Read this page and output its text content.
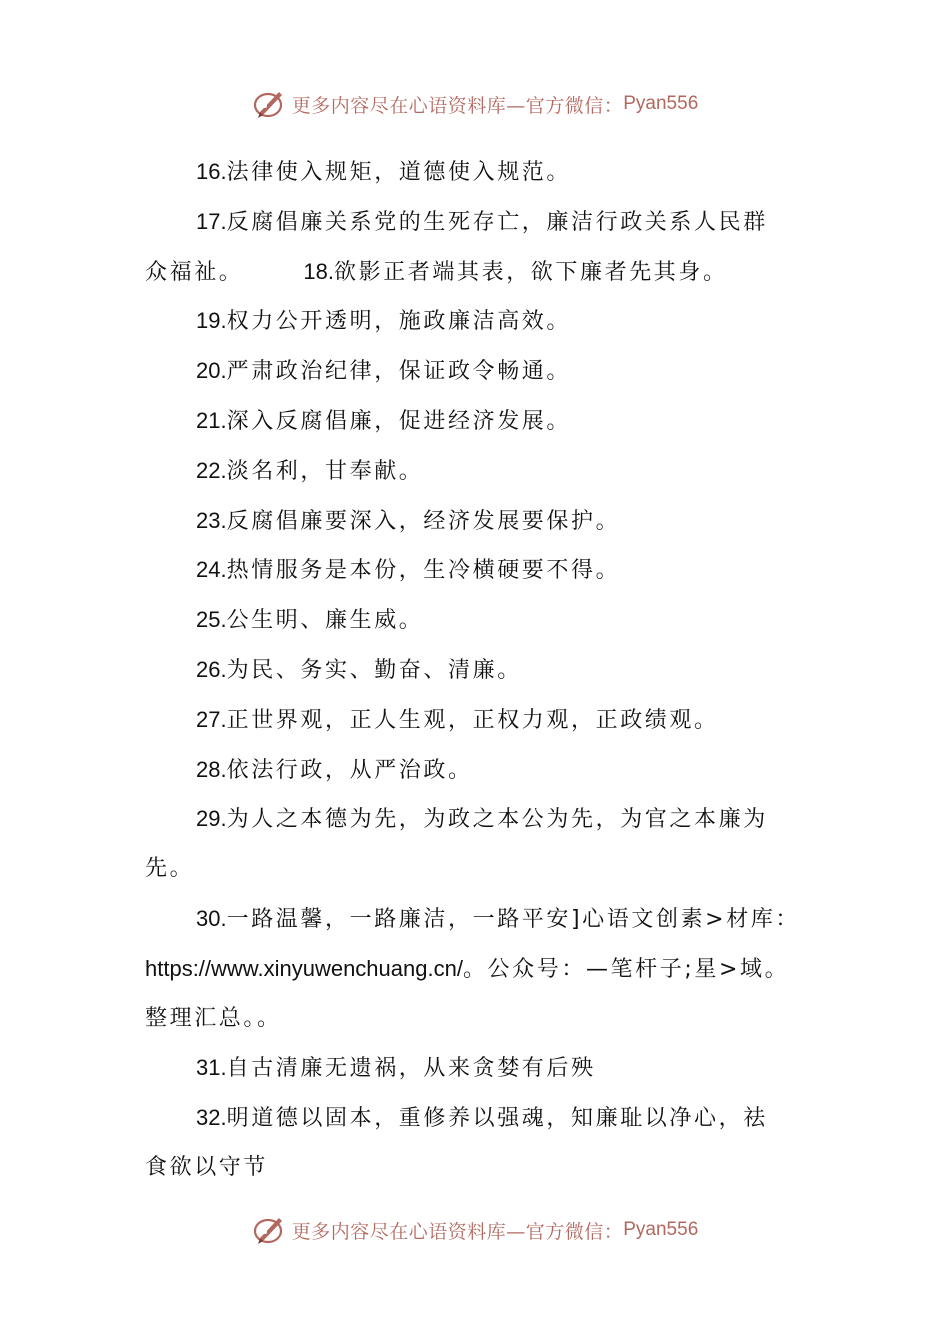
更多内容尽在心语资料库—官方微信： Pyan556
16.法律使入规矩，道德使入规范。
17.反腐倡廉关系党的生死存亡，廉洁行政关系人民群
众福祉。	18.欲影正者端其表，欲下廉者先其身。
19.权力公开透明，施政廉洁高效。
20.严肃政治纪律，保证政令畅通。
21.深入反腐倡廉，促进经济发展。
22.淡名利，甘奉献。
23.反腐倡廉要深入，经济发展要保护。
24.热情服务是本份，生冷横硬要不得。
25.公生明、廉生威。
26.为民、务实、勤奋、清廉。
27.正世界观，正人生观，正权力观，正政绩观。
28.依法行政，从严治政。
29.为人之本德为先，为政之本公为先，为官之本廉为
先。
30.一路温馨，一路廉洁，一路平安]心语文创素>材库：
https://www.xinyuwenchuang.cn/。公众号：—笔杆子;星>域。
整理汇总。。
31.自古清廉无遗祸，从来贪婪有后殃
32.明道德以固本，重修养以强魂，知廉耻以净心，祛
食欲以守节
更多内容尽在心语资料库—官方微信： Pyan556
